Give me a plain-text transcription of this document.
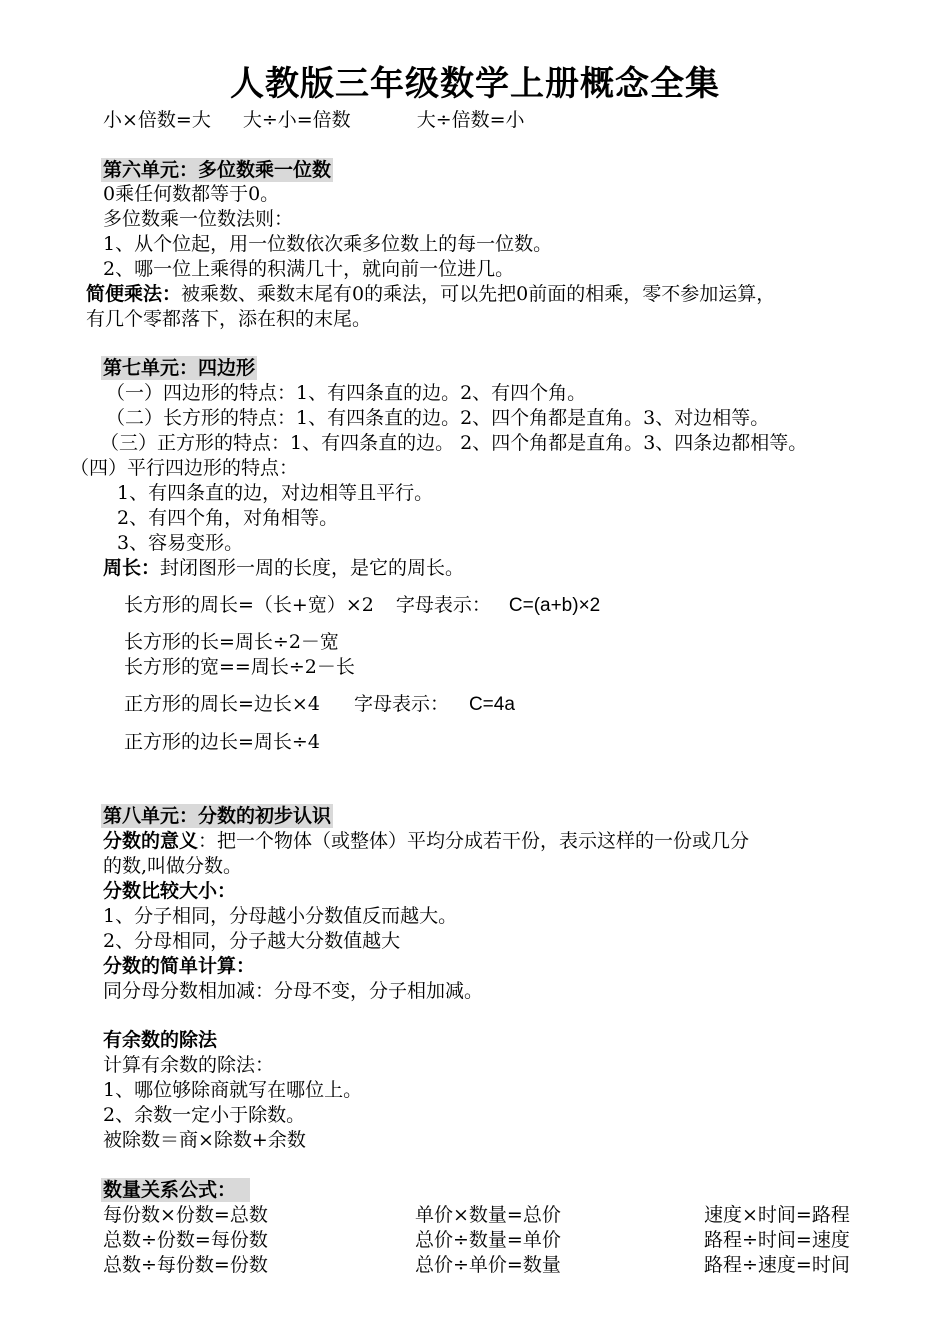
人教版三年级数学上册概念全集
小×倍数=大 大÷小=倍数	大÷倍数=小
第六单元：多位数乘一位数
0乘任何数都等于0。
多位数乘一位数法则：
1、从个位起，用一位数依次乘多位数上的每一位数。
2、哪一位上乘得的积满几十，就向前一位进几。
简便乘法：被乘数、乘数末尾有0的乘法，可以先把0前面的相乘，零不参加运算，
有几个零都落下，添在积的末尾。
第七单元：四边形
（一）四边形的特点：1、有四条直的边。2、有四个角。
（二）长方形的特点：1、有四条直的边。2、四个角都是直角。3、对边相等。
（三）正方形的特点：1、有四条直的边。 2、四个角都是直角。3、四条边都相等。
（四）平行四边形的特点：
1、有四条直的边，对边相等且平行。
2、有四个角，对角相等。
3、容易变形。
周长：封闭图形一周的长度，是它的周长。
长方形的周长=（长+宽）×2 字母表示： C=(a+b)×2
长方形的长=周长÷2－宽
长方形的宽==周长÷2－长
正方形的周长=边长×4 字母表示： C=4a
正方形的边长=周长÷4
第八单元：分数的初步认识
分数的意义：把一个物体（或整体）平均分成若干份，表示这样的一份或几分
的数,叫做分数。
分数比较大小：
1、分子相同，分母越小分数值反而越大。
2、分母相同，分子越大分数值越大
分数的简单计算：
同分母分数相加减：分母不变，分子相加减。
有余数的除法
计算有余数的除法：
1、哪位够除商就写在哪位上。
2、余数一定小于除数。
被除数＝商×除数+余数
数量关系公式：
每份数×份数=总数	单价×数量=总价	速度×时间=路程
总数÷份数=每份数	总价÷数量=单价	路程÷时间=速度
总数÷每份数=份数	总价÷单价=数量	路程÷速度=时间
